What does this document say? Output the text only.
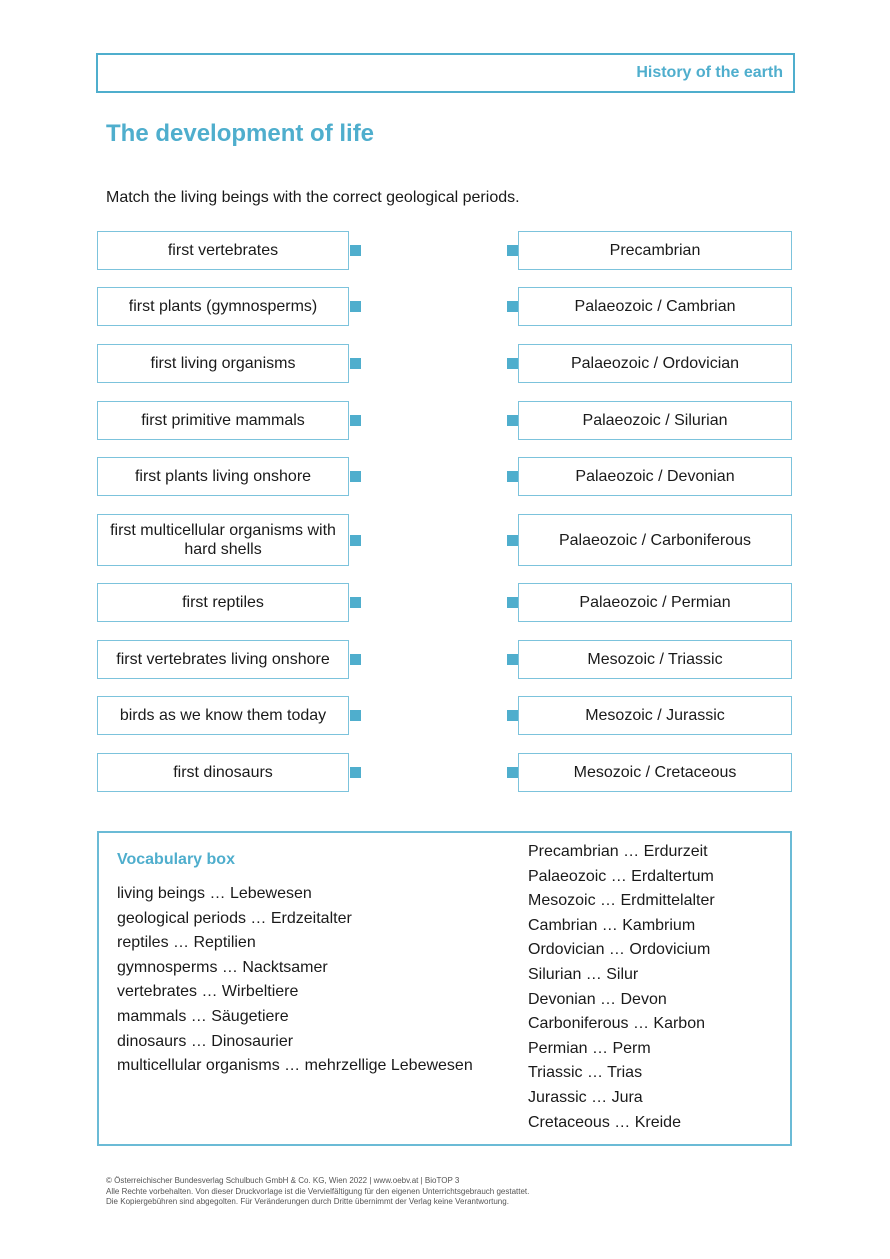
History of the earth
The development of life
Match the living beings with the correct geological periods.
first vertebrates
first plants (gymnosperms)
first living organisms
first primitive mammals
first plants living onshore
first multicellular organisms with hard shells
first reptiles
first vertebrates living onshore
birds as we know them today
first dinosaurs
Precambrian
Palaeozoic / Cambrian
Palaeozoic / Ordovician
Palaeozoic / Silurian
Palaeozoic / Devonian
Palaeozoic / Carboniferous
Palaeozoic / Permian
Mesozoic / Triassic
Mesozoic / Jurassic
Mesozoic / Cretaceous
Vocabulary box
living beings … Lebewesen
geological periods … Erdzeitalter
reptiles … Reptilien
gymnosperms … Nacktsamer
vertebrates … Wirbeltiere
mammals … Säugetiere
dinosaurs … Dinosaurier
multicellular organisms … mehrzellige Lebewesen
Precambrian … Erdurzeit
Palaeozoic … Erdaltertum
Mesozoic … Erdmittelalter
Cambrian … Kambrium
Ordovician … Ordovicium
Silurian … Silur
Devonian … Devon
Carboniferous … Karbon
Permian … Perm
Triassic … Trias
Jurassic … Jura
Cretaceous … Kreide
© Österreichischer Bundesverlag Schulbuch GmbH & Co. KG, Wien 2022 | www.oebv.at | BioTOP 3
Alle Rechte vorbehalten. Von dieser Druckvorlage ist die Vervielfältigung für den eigenen Unterrichtsgebrauch gestattet.
Die Kopiergebühren sind abgegolten. Für Veränderungen durch Dritte übernimmt der Verlag keine Verantwortung.
